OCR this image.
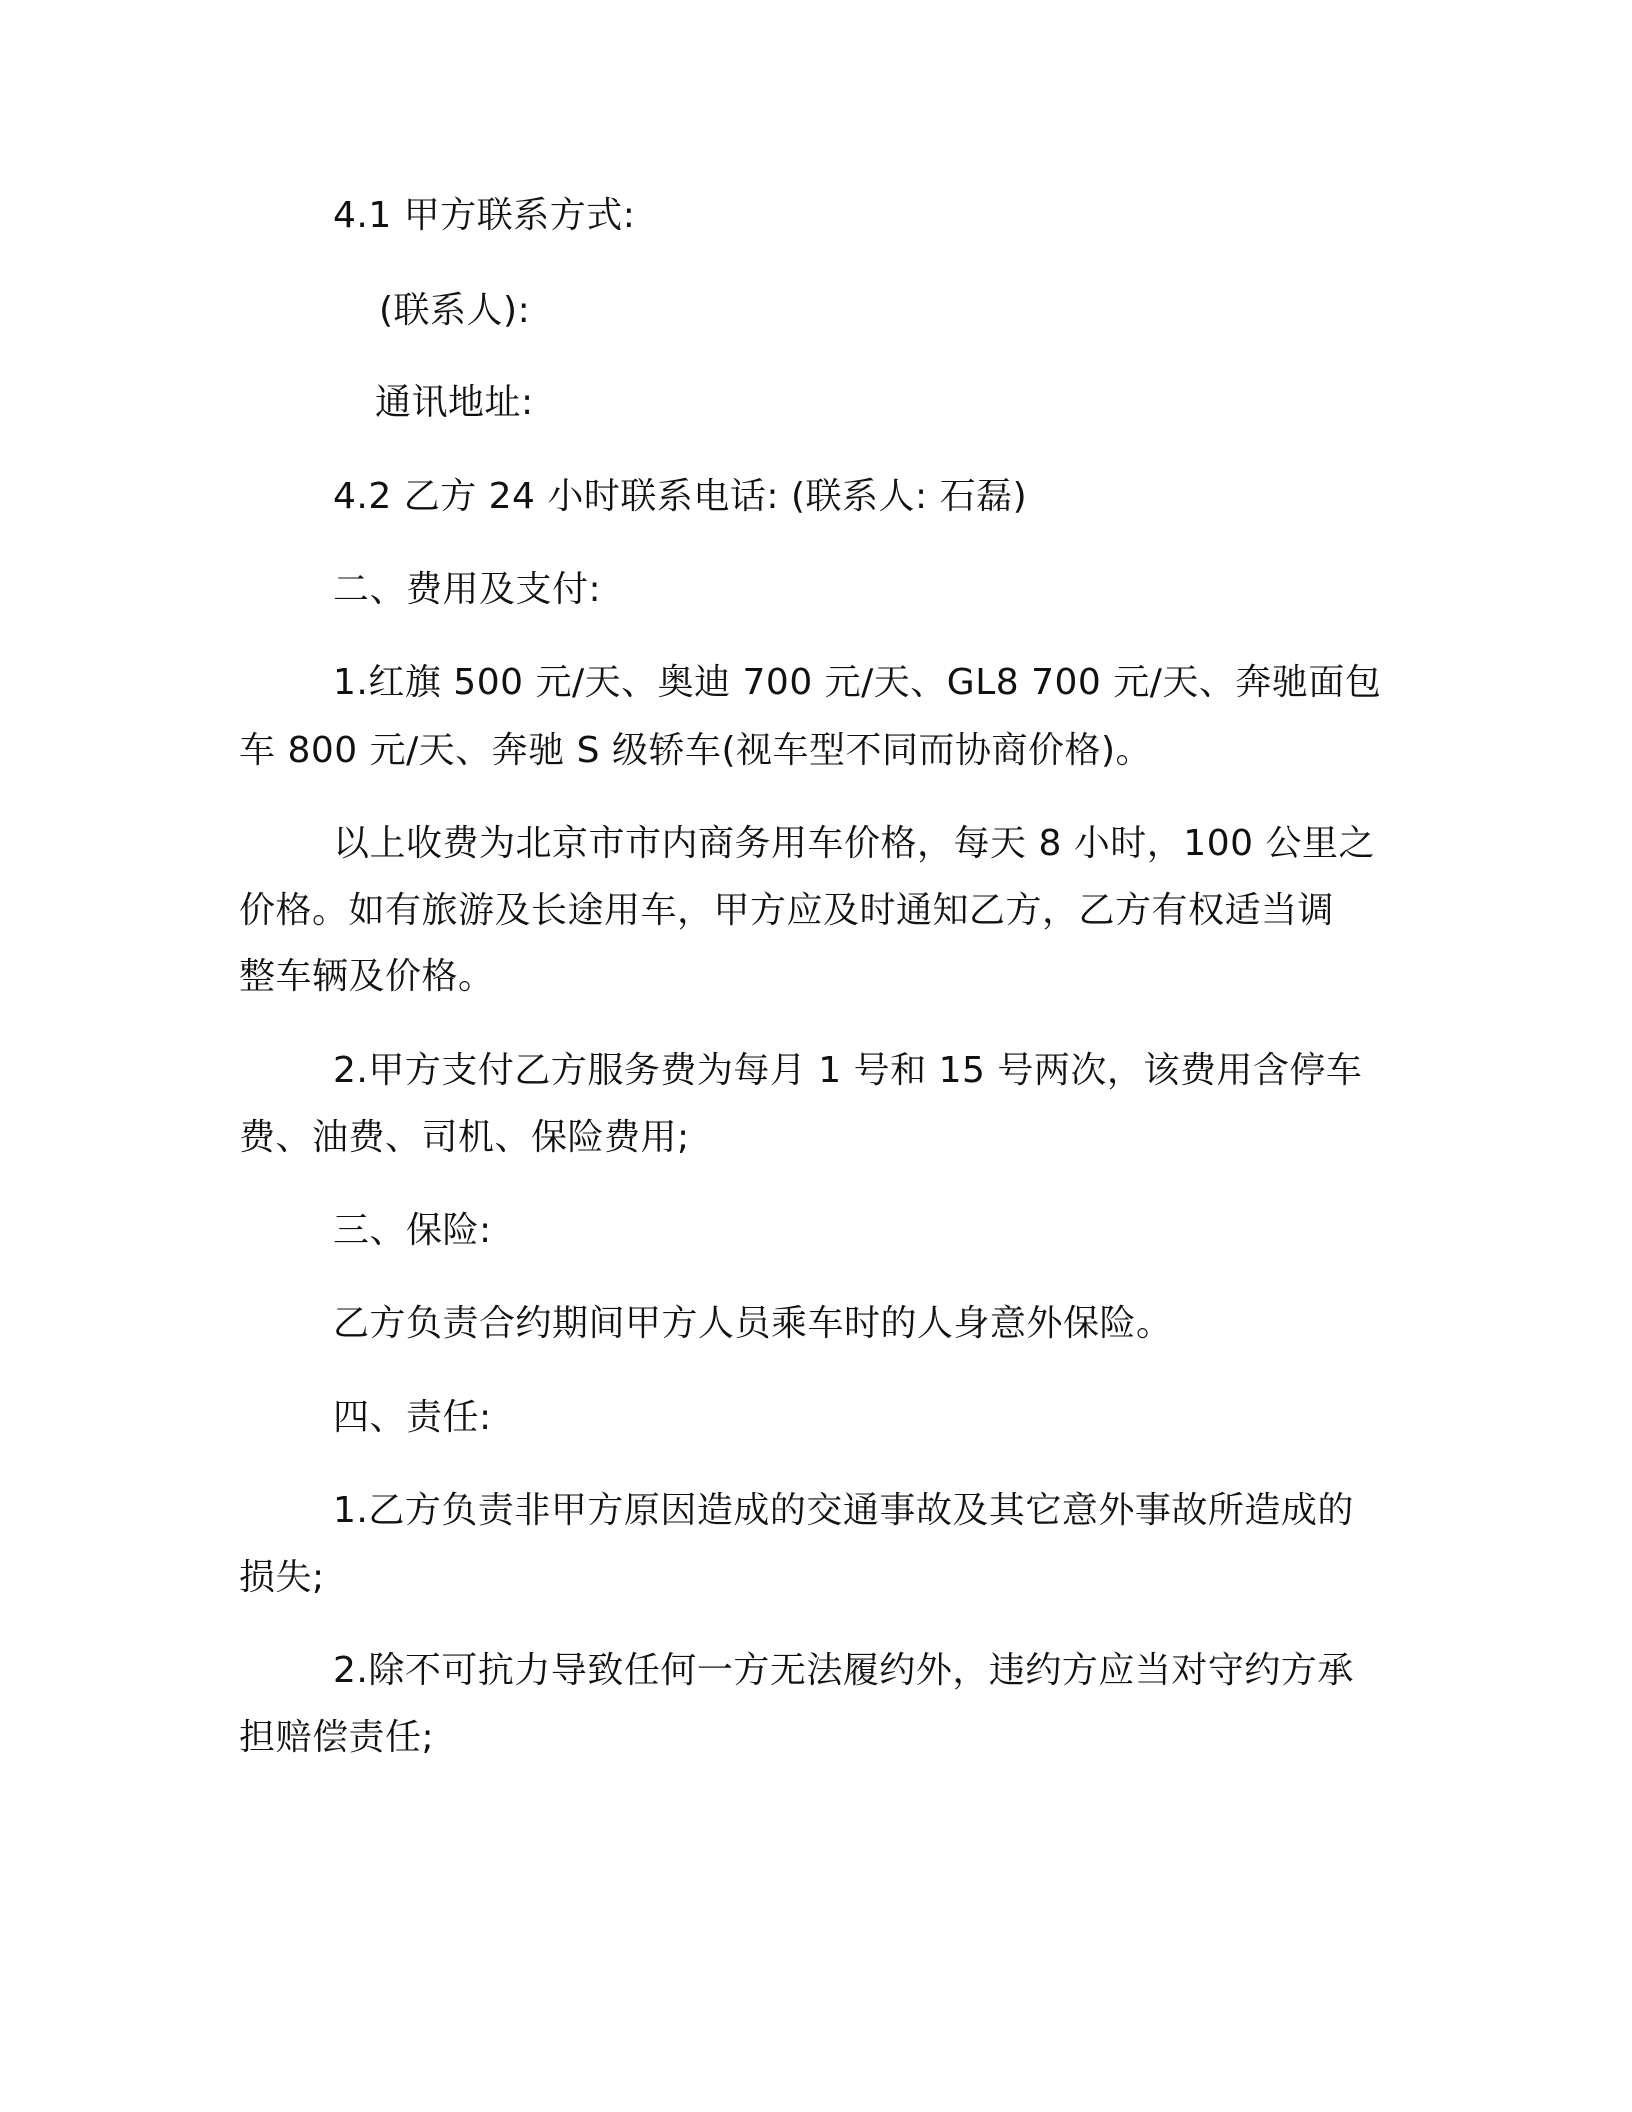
4.1 甲方联系方式:
(联系人):
通讯地址:
4.2 乙方 24 小时联系电话: (联系人: 石磊)
二、费用及支付:
1.红旗 500 元/天、奥迪 700 元/天、GL8 700 元/天、奔驰面包
车 800 元/天、奔驰 S 级轿车(视车型不同而协商价格)。
以上收费为北京市市内商务用车价格，每天 8 小时，100 公里之
价格。如有旅游及长途用车，甲方应及时通知乙方，乙方有权适当调
整车辆及价格。
2.甲方支付乙方服务费为每月 1 号和 15 号两次，该费用含停车
费、油费、司机、保险费用;
三、保险:
乙方负责合约期间甲方人员乘车时的人身意外保险。
四、责任:
1.乙方负责非甲方原因造成的交通事故及其它意外事故所造成的
损失;
2.除不可抗力导致任何一方无法履约外，违约方应当对守约方承
担赔偿责任;
